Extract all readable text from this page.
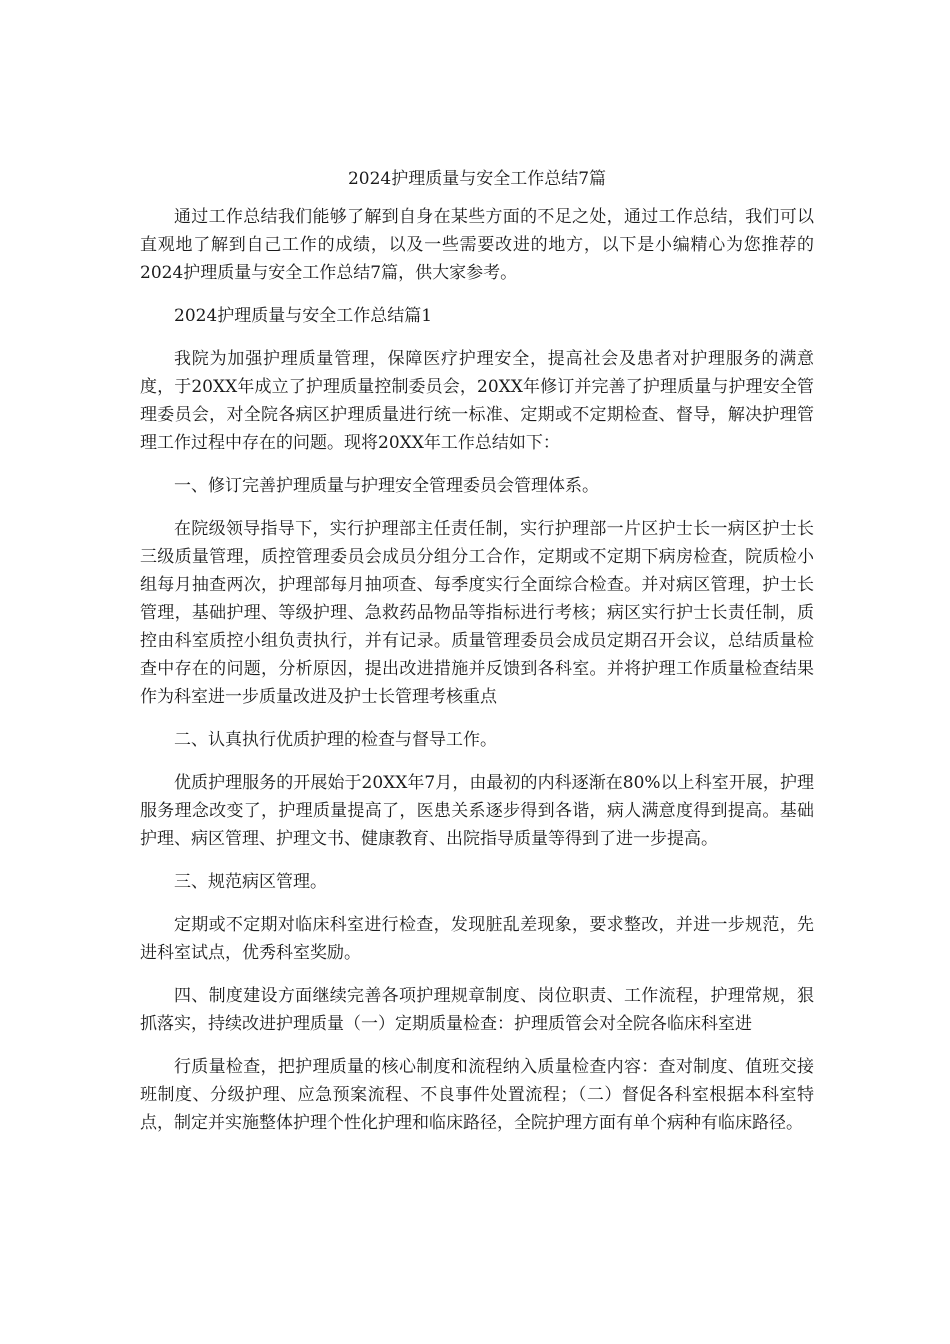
2024护理质量与安全工作总结7篇

通过工作总结我们能够了解到自身在某些方面的不足之处，通过工作总结，我们可以直观地了解到自己工作的成绩，以及一些需要改进的地方，以下是小编精心为您推荐的2024护理质量与安全工作总结7篇，供大家参考。

2024护理质量与安全工作总结篇1

我院为加强护理质量管理，保障医疗护理安全，提高社会及患者对护理服务的满意度，于20XX年成立了护理质量控制委员会，20XX年修订并完善了护理质量与护理安全管理委员会，对全院各病区护理质量进行统一标准、定期或不定期检查、督导，解决护理管理工作过程中存在的问题。现将20XX年工作总结如下：

一、修订完善护理质量与护理安全管理委员会管理体系。

在院级领导指导下，实行护理部主任责任制，实行护理部一片区护士长一病区护士长三级质量管理，质控管理委员会成员分组分工合作，定期或不定期下病房检查，院质检小组每月抽查两次，护理部每月抽项查、每季度实行全面综合检查。并对病区管理，护士长管理，基础护理、等级护理、急救药品物品等指标进行考核；病区实行护士长责任制，质控由科室质控小组负责执行，并有记录。质量管理委员会成员定期召开会议，总结质量检查中存在的问题，分析原因，提出改进措施并反馈到各科室。并将护理工作质量检查结果作为科室进一步质量改进及护士长管理考核重点

二、认真执行优质护理的检查与督导工作。

优质护理服务的开展始于20XX年7月，由最初的内科逐渐在80%以上科室开展，护理服务理念改变了，护理质量提高了，医患关系逐步得到各谐，病人满意度得到提高。基础护理、病区管理、护理文书、健康教育、出院指导质量等得到了进一步提高。

三、规范病区管理。

定期或不定期对临床科室进行检查，发现脏乱差现象，要求整改，并进一步规范，先进科室试点，优秀科室奖励。

四、制度建设方面继续完善各项护理规章制度、岗位职责、工作流程，护理常规，狠抓落实，持续改进护理质量（一）定期质量检查：护理质管会对全院各临床科室进

行质量检查，把护理质量的核心制度和流程纳入质量检查内容：查对制度、值班交接班制度、分级护理、应急预案流程、不良事件处置流程；（二）督促各科室根据本科室特点，制定并实施整体护理个性化护理和临床路径，全院护理方面有单个病种有临床路径。
